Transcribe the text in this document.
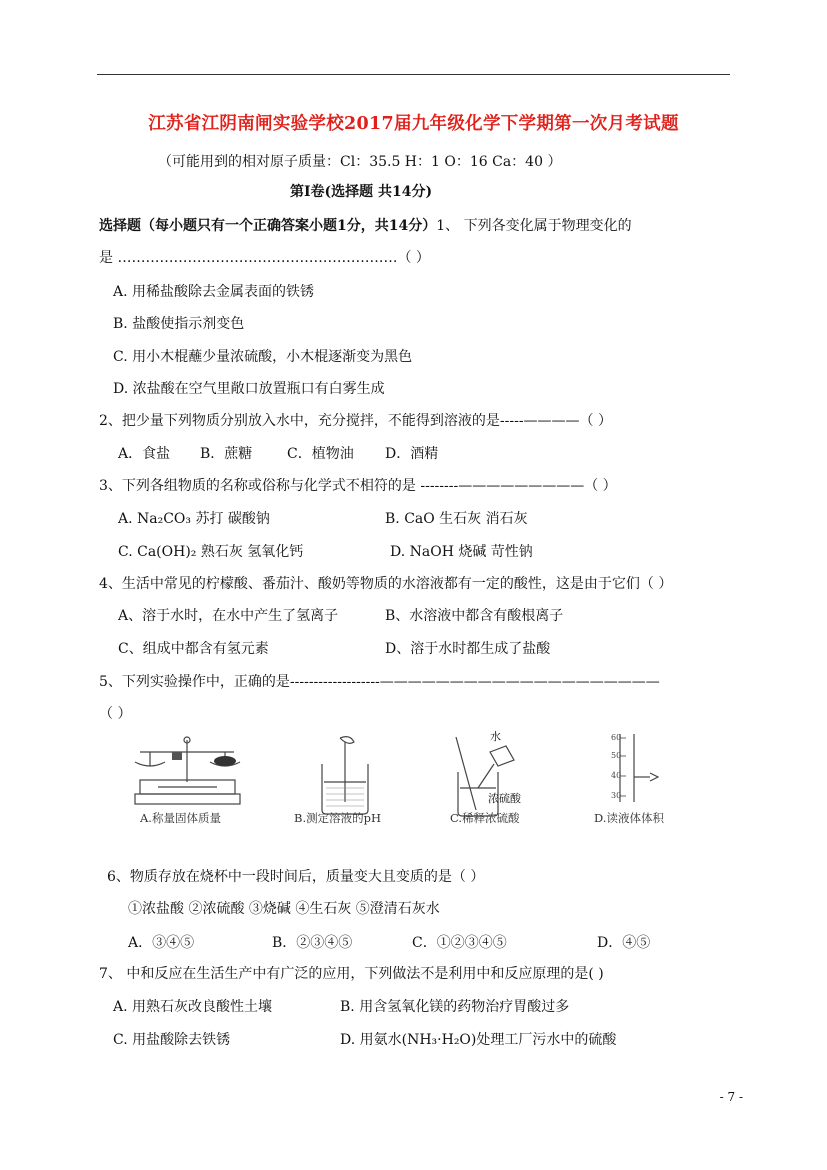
江苏省江阴南闸实验学校2017届九年级化学下学期第一次月考试题
（可能用到的相对原子质量：Cl：35.5 H：1 O：16 Ca：40 ）
第Ⅰ卷(选择题 共14分)
选择题（每小题只有一个正确答案小题1分，共14分）1、 下列各变化属于物理变化的
是 ……………………………………………………（ ）
A. 用稀盐酸除去金属表面的铁锈
B. 盐酸使指示剂变色
C. 用小木棍蘸少量浓硫酸，小木棍逐渐变为黑色
D. 浓盐酸在空气里敞口放置瓶口有白雾生成
2、把少量下列物质分别放入水中，充分搅拌，不能得到溶液的是-----————（ ）
A．食盐 B．蔗糖 C．植物油 D．酒精
3、下列各组物质的名称或俗称与化学式不相符的是 --------—————————（ ）
A. Na₂CO₃ 苏打 碳酸钠	B. CaO 生石灰 消石灰
C. Ca(OH)₂ 熟石灰 氢氧化钙	D. NaOH 烧碱 苛性钠
4、生活中常见的柠檬酸、番茄汁、酸奶等物质的水溶液都有一定的酸性，这是由于它们（ ）
A、溶于水时，在水中产生了氢离子	B、水溶液中都含有酸根离子
C、组成中都含有氢元素	D、溶于水时都生成了盐酸
5、下列实验操作中，正确的是-------------------————————————————————
（ ）
A.称量固体质量	B.测定溶液的pH
水
浓硫酸
C.稀释浓硫酸
60
50
40
30
D.读液体体积
6、物质存放在烧杯中一段时间后，质量变大且变质的是（ ）
①浓盐酸 ②浓硫酸 ③烧碱 ④生石灰 ⑤澄清石灰水
A．③④⑤	B．②③④⑤	C．①②③④⑤	D．④⑤
7、 中和反应在生活生产中有广泛的应用，下列做法不是利用中和反应原理的是( )
A. 用熟石灰改良酸性土壤	B. 用含氢氧化镁的药物治疗胃酸过多
C. 用盐酸除去铁锈	D. 用氨水(NH₃·H₂O)处理工厂污水中的硫酸
- 7 -
